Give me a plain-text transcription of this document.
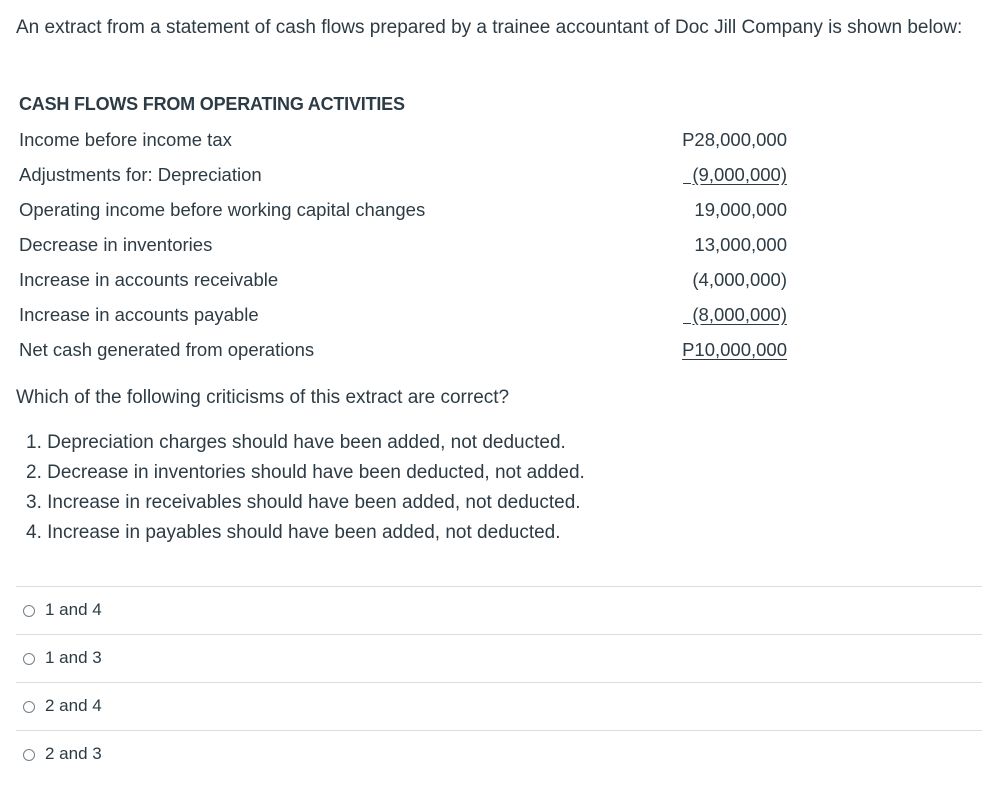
An extract from a statement of cash flows prepared by a trainee accountant of Doc Jill Company is shown below:
CASH FLOWS FROM OPERATING ACTIVITIES
Income before income tax	P28,000,000
Adjustments for: Depreciation	(9,000,000)
Operating income before working capital changes	19,000,000
Decrease in inventories	13,000,000
Increase in accounts receivable	(4,000,000)
Increase in accounts payable	(8,000,000)
Net cash generated from operations	P10,000,000
Which of the following criticisms of this extract are correct?
1. Depreciation charges should have been added, not deducted.
2. Decrease in inventories should have been deducted, not added.
3. Increase in receivables should have been added, not deducted.
4. Increase in payables should have been added, not deducted.
1 and 4
1 and 3
2 and 4
2 and 3
